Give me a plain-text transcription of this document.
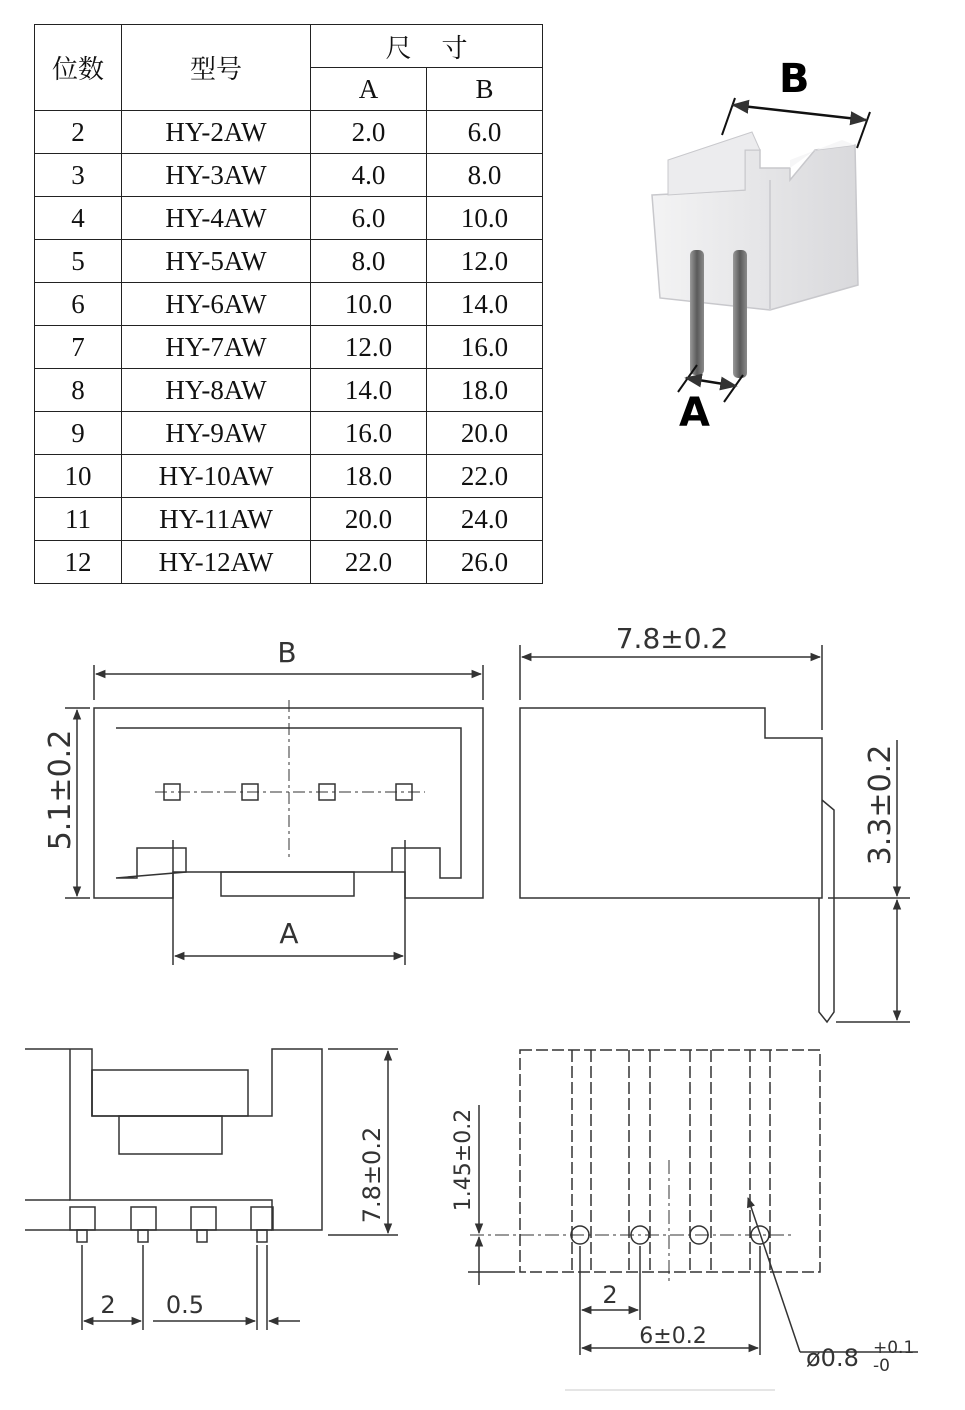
位数	型号	尺寸	
		A	B
2	HY-2AW	2.0	6.0
3	HY-3AW	4.0	8.0
4	HY-4AW	6.0	10.0
5	HY-5AW	8.0	12.0
6	HY-6AW	10.0	14.0
7	HY-7AW	12.0	16.0
8	HY-8AW	14.0	18.0
9	HY-9AW	16.0	20.0
10	HY-10AW	18.0	22.0
11	HY-11AW	20.0	24.0
12	HY-12AW	22.0	26.0
B
A
5.1±0.2
7.8±0.2
3.3±0.2
2 0.5
7.8±0.2	1.45±0.2
2
6±0.2
ø0.8 +0.1
-0
B
A
